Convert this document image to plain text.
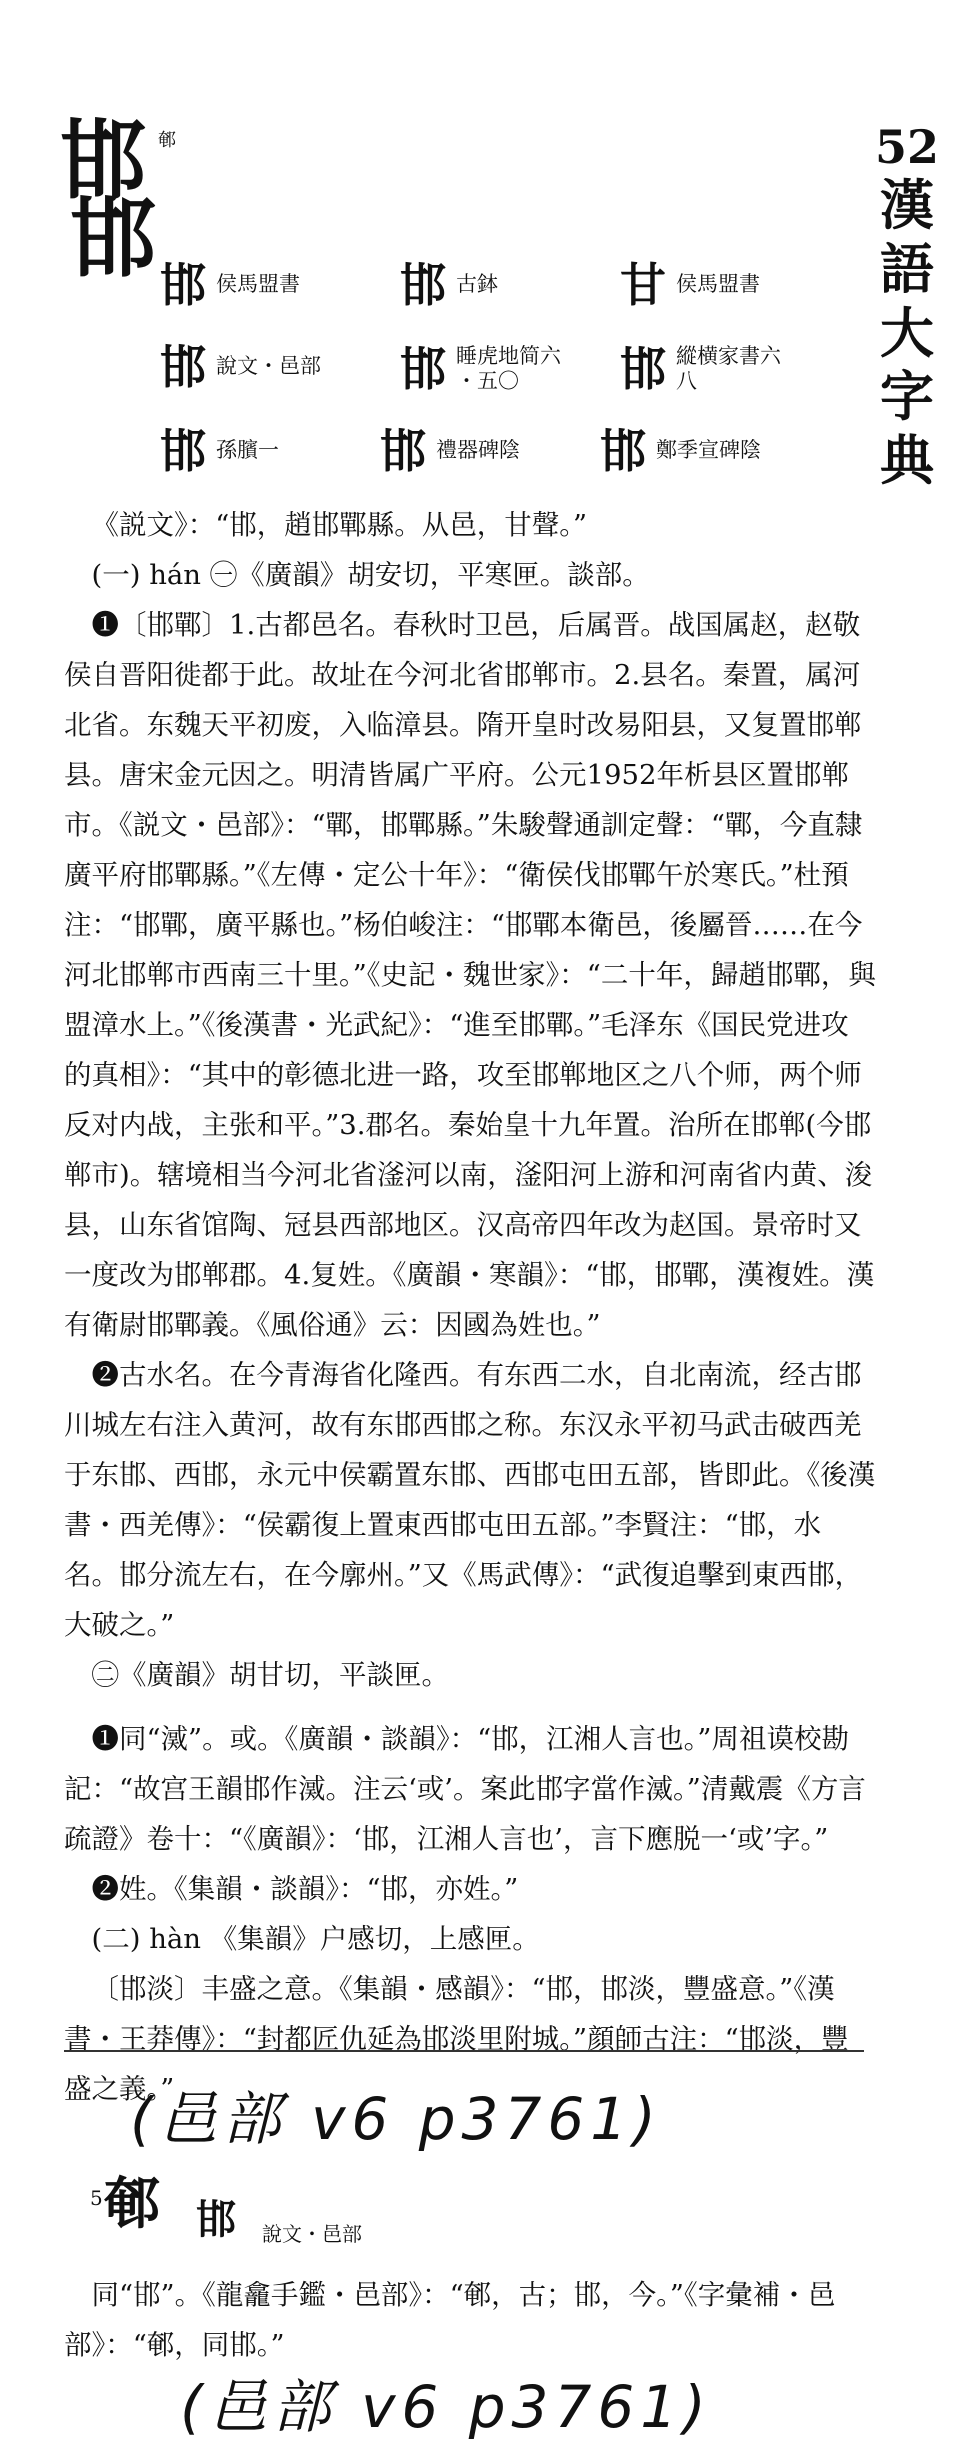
52
漢
語
大
字
典
邯 䣍
邯 邯 侯馬盟書 邯 古鉢	甘 侯馬盟書
邯 說文・邑部 邯 睡虎地简六
・五〇	邯 縱横家書六
八
邯 孫臏一 邯 禮器碑陰 邯 鄭季宣碑陰

《説文》：“邯，趙邯鄲縣。从邑，甘聲。”

(一) hán ㊀《廣韻》胡安切，平寒匣。談部。

❶〔邯鄲〕1.古都邑名。春秋时卫邑，后属晋。战国属赵，赵敬侯自晋阳徙都于此。故址在今河北省邯郸市。2.县名。秦置，属河北省。东魏天平初废，入临漳县。隋开皇时改易阳县，又复置邯郸县。唐宋金元因之。明清皆属广平府。公元1952年析县区置邯郸市。《説文・邑部》：“鄲，邯鄲縣。”朱駿聲通訓定聲：“鄲，今直隸廣平府邯鄲縣。”《左傳・定公十年》：“衛侯伐邯鄲午於寒氏。”杜預注：“邯鄲，廣平縣也。”杨伯峻注：“邯鄲本衛邑，後屬晉……在今河北邯郸市西南三十里。”《史記・魏世家》：“二十年，歸趙邯鄲，與盟漳水上。”《後漢書・光武紀》：“進至邯鄲。”毛泽东《国民党进攻的真相》：“其中的彰德北进一路，攻至邯郸地区之八个师，两个师反对内战，主张和平。”3.郡名。秦始皇十九年置。治所在邯郸(今邯郸市)。辖境相当今河北省滏河以南，滏阳河上游和河南省内黄、浚县，山东省馆陶、冠县西部地区。汉高帝四年改为赵国。景帝时又一度改为邯郸郡。4.复姓。《廣韻・寒韻》：“邯，邯鄲，漢複姓。漢有衛尉邯鄲義。《風俗通》云：因國為姓也。”

❷古水名。在今青海省化隆西。有东西二水，自北南流，经古邯川城左右注入黄河，故有东邯西邯之称。东汉永平初马武击破西羌于东邯、西邯，永元中侯霸置东邯、西邯屯田五部，皆即此。《後漢書・西羌傳》：“侯霸復上置東西邯屯田五部。”李賢注：“邯，水名。邯分流左右，在今廓州。”又《馬武傳》：“武復追擊到東西邯，大破之。”

㊁《廣韻》胡甘切，平談匣。

❶同“㵄”。或。《廣韻・談韻》：“邯，江湘人言也。”周祖谟校勘記：“故宫王韻邯作㵄。注云‘或’。案此邯字當作㵄。”清戴震《方言疏證》卷十：“《廣韻》：‘邯，江湘人言也’，言下應脱一‘或’字。”

❷姓。《集韻・談韻》：“邯，亦姓。”

(二) hàn 《集韻》户感切，上感匣。

〔邯淡〕丰盛之意。《集韻・感韻》：“邯，邯淡，豐盛意。”《漢書・王莽傳》：“封都匠仇延為邯淡里附城。”顔師古注：“邯淡，豐盛之義。”

(邑部 v6 p3761)
5 䣍 邯 說文・邑部

同“邯”。《龍龕手鑑・邑部》：“䣍，古；邯，今。”《字彙補・邑部》：“䣍，同邯。”

(邑部 v6 p3761)
